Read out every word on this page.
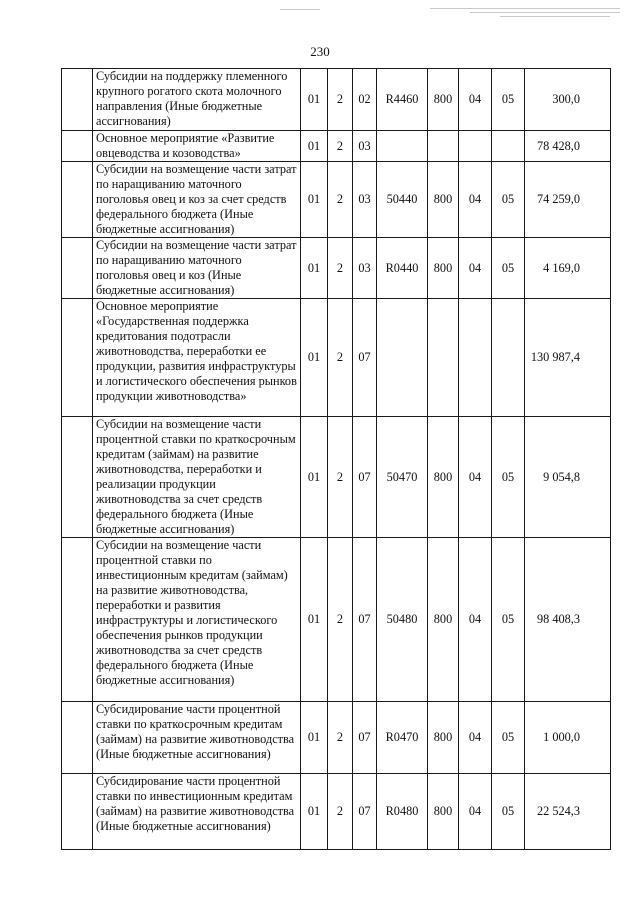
230
	Субсидии на поддержку племенного крупного рогатого скота молочного направления (Иные бюджетные ассигнования)	01	2	02	R4460	800	04	05	300,0
	Основное мероприятие «Развитие овцеводства и козоводства»	01	2	03					78 428,0
	Субсидии на возмещение части затрат по наращиванию маточного поголовья овец и коз за счет средств федерального бюджета (Иные бюджетные ассигнования)	01	2	03	50440	800	04	05	74 259,0
	Субсидии на возмещение части затрат по наращиванию маточного поголовья овец и коз (Иные бюджетные ассигнования)	01	2	03	R0440	800	04	05	4 169,0
	Основное мероприятие «Государственная поддержка кредитования подотрасли животноводства, переработки ее продукции, развития инфраструктуры и логистического обеспечения рынков продукции животноводства»	01	2	07					130 987,4
	Субсидии на возмещение части процентной ставки по краткосрочным кредитам (займам) на развитие животноводства, переработки и реализации продукции животноводства за счет средств федерального бюджета (Иные бюджетные ассигнования)	01	2	07	50470	800	04	05	9 054,8
	Субсидии на возмещение части процентной ставки по инвестиционным кредитам (займам) на развитие животноводства, переработки и развития инфраструктуры и логистического обеспечения рынков продукции животноводства за счет средств федерального бюджета (Иные бюджетные ассигнования)	01	2	07	50480	800	04	05	98 408,3
	Субсидирование части процентной ставки по краткосрочным кредитам (займам) на развитие животноводства (Иные бюджетные ассигнования)	01	2	07	R0470	800	04	05	1 000,0
	Субсидирование части процентной ставки по инвестиционным кредитам (займам) на развитие животноводства (Иные бюджетные ассигнования)	01	2	07	R0480	800	04	05	22 524,3
